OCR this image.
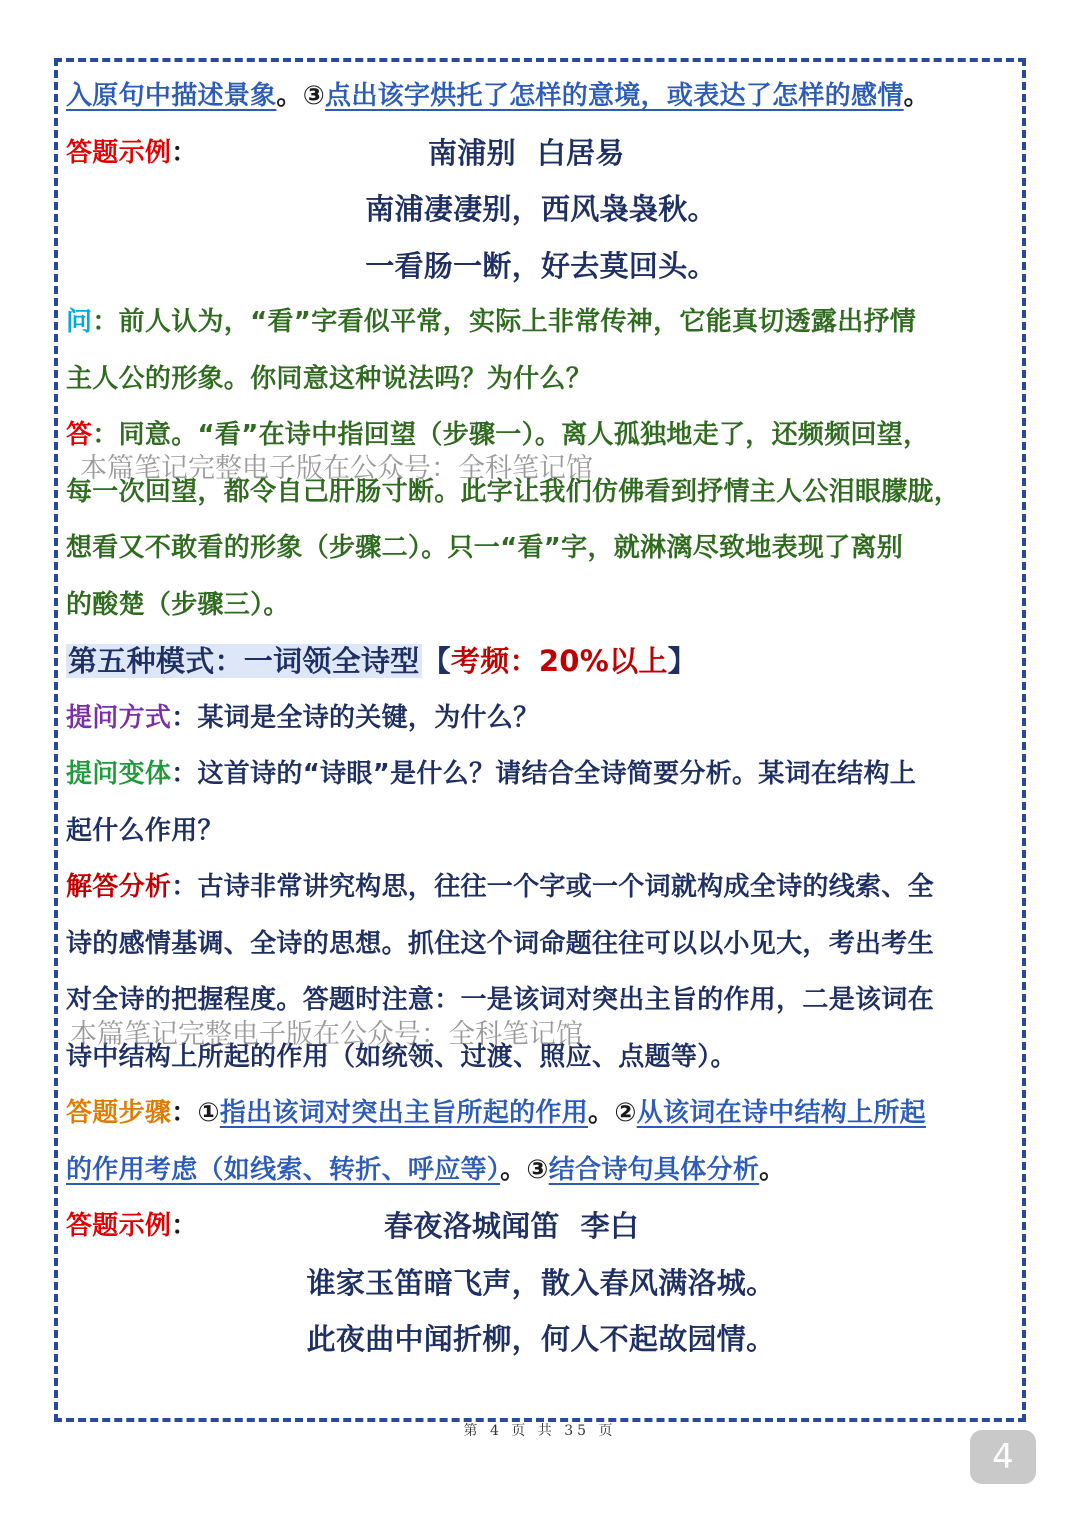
入原句中描述景象。③点出该字烘托了怎样的意境，或表达了怎样的感情。
答题示例：	南浦别  白居易
南浦凄凄别，西风袅袅秋。
一看肠一断，好去莫回头。
问：前人认为，“看”字看似平常，实际上非常传神，它能真切透露出抒情
主人公的形象。你同意这种说法吗？为什么？
答：同意。“看”在诗中指回望（步骤一）。离人孤独地走了，还频频回望，
每一次回望，都令自己肝肠寸断。此字让我们仿佛看到抒情主人公泪眼朦胧，
想看又不敢看的形象（步骤二）。只一“看”字，就淋漓尽致地表现了离别
的酸楚（步骤三）。
第五种模式：一词领全诗型【考频：20%以上】
提问方式：某词是全诗的关键，为什么？
提问变体：这首诗的“诗眼”是什么？请结合全诗简要分析。某词在结构上
起什么作用？
解答分析：古诗非常讲究构思，往往一个字或一个词就构成全诗的线索、全
诗的感情基调、全诗的思想。抓住这个词命题往往可以以小见大，考出考生
对全诗的把握程度。答题时注意：一是该词对突出主旨的作用，二是该词在
诗中结构上所起的作用（如统领、过渡、照应、点题等）。
答题步骤：①指出该词对突出主旨所起的作用。②从该词在诗中结构上所起
的作用考虑（如线索、转折、呼应等）。③结合诗句具体分析。
答题示例：	春夜洛城闻笛  李白
谁家玉笛暗飞声，散入春风满洛城。
此夜曲中闻折柳，何人不起故园情。
本篇笔记完整电子版在公众号：全科笔记馆
本篇笔记完整电子版在公众号：全科笔记馆
第 4 页 共 35 页
4
